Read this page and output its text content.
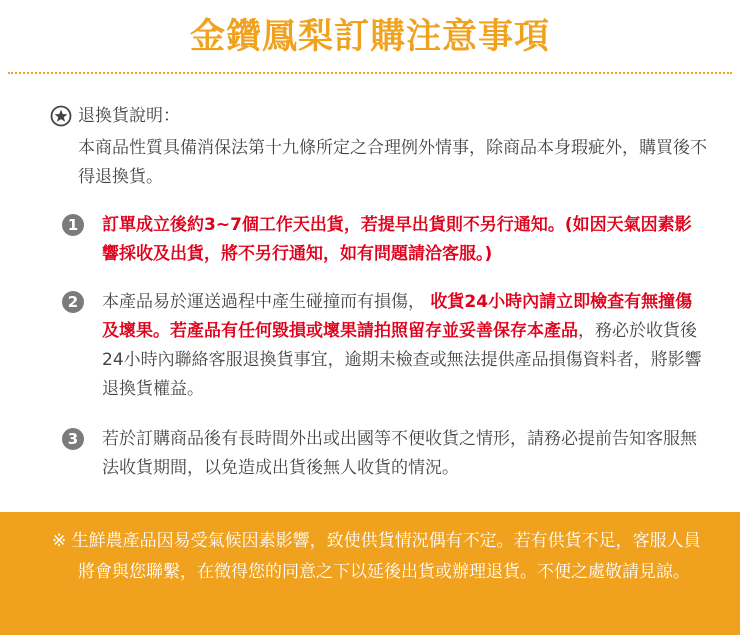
金鑽鳳梨訂購注意事項
退換貨說明：

本商品性質具備消保法第十九條所定之合理例外情事，除商品本身瑕疵外，購買後不得退換貨。

1	訂單成立後約3~7個工作天出貨，若提早出貨則不另行通知。(如因天氣因素影響採收及出貨，將不另行通知，如有問題請洽客服。)

2	本產品易於運送過程中產生碰撞而有損傷， 收貨24小時內請立即檢查有無撞傷及壞果。若產品有任何毀損或壞果請拍照留存並妥善保存本產品，務必於收貨後24小時內聯絡客服退換貨事宜，逾期未檢查或無法提供產品損傷資料者，將影響退換貨權益。

3	若於訂購商品後有長時間外出或出國等不便收貨之情形，請務必提前告知客服無法收貨期間，以免造成出貨後無人收貨的情況。

※ 生鮮農產品因易受氣候因素影響，致使供貨情況偶有不定。若有供貨不足，客服人員將會與您聯繫，在徵得您的同意之下以延後出貨或辦理退貨。不便之處敬請見諒。
